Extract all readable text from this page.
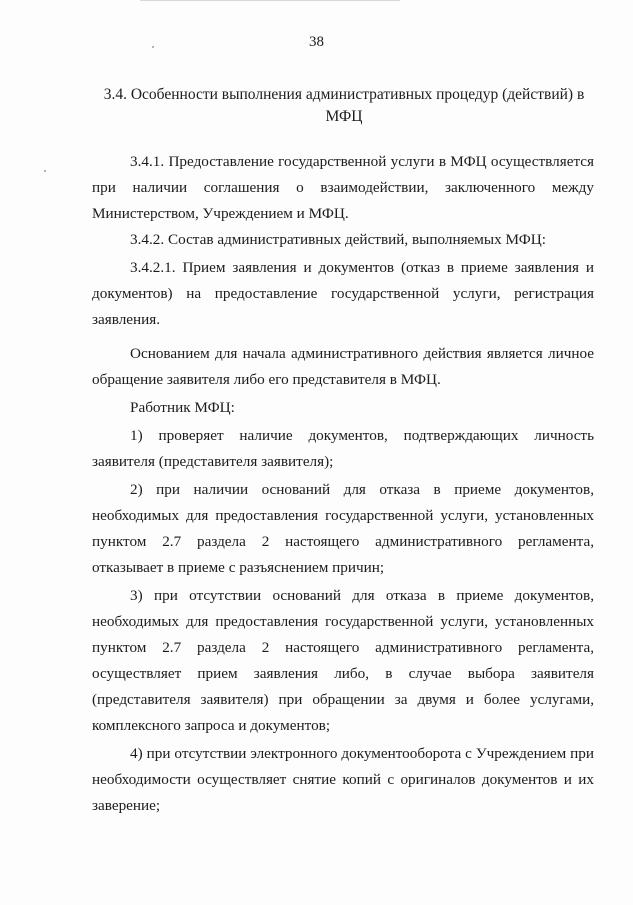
38
3.4. Особенности выполнения административных процедур (действий) в МФЦ

3.4.1. Предоставление государственной услуги в МФЦ осуществляется при наличии соглашения о взаимодействии, заключенного между Министерством, Учреждением и МФЦ.

3.4.2. Состав административных действий, выполняемых МФЦ:

3.4.2.1. Прием заявления и документов (отказ в приеме заявления и документов) на предоставление государственной услуги, регистрация заявления.

Основанием для начала административного действия является личное обращение заявителя либо его представителя в МФЦ.

Работник МФЦ:

1) проверяет наличие документов, подтверждающих личность заявителя (представителя заявителя);

2) при наличии оснований для отказа в приеме документов, необходимых для предоставления государственной услуги, установленных пунктом 2.7 раздела 2 настоящего административного регламента, отказывает в приеме с разъяснением причин;

3) при отсутствии оснований для отказа в приеме документов, необходимых для предоставления государственной услуги, установленных пунктом 2.7 раздела 2 настоящего административного регламента, осуществляет прием заявления либо, в случае выбора заявителя (представителя заявителя) при обращении за двумя и более услугами, комплексного запроса и документов;

4) при отсутствии электронного документооборота с Учреждением при необходимости осуществляет снятие копий с оригиналов документов и их заверение;
